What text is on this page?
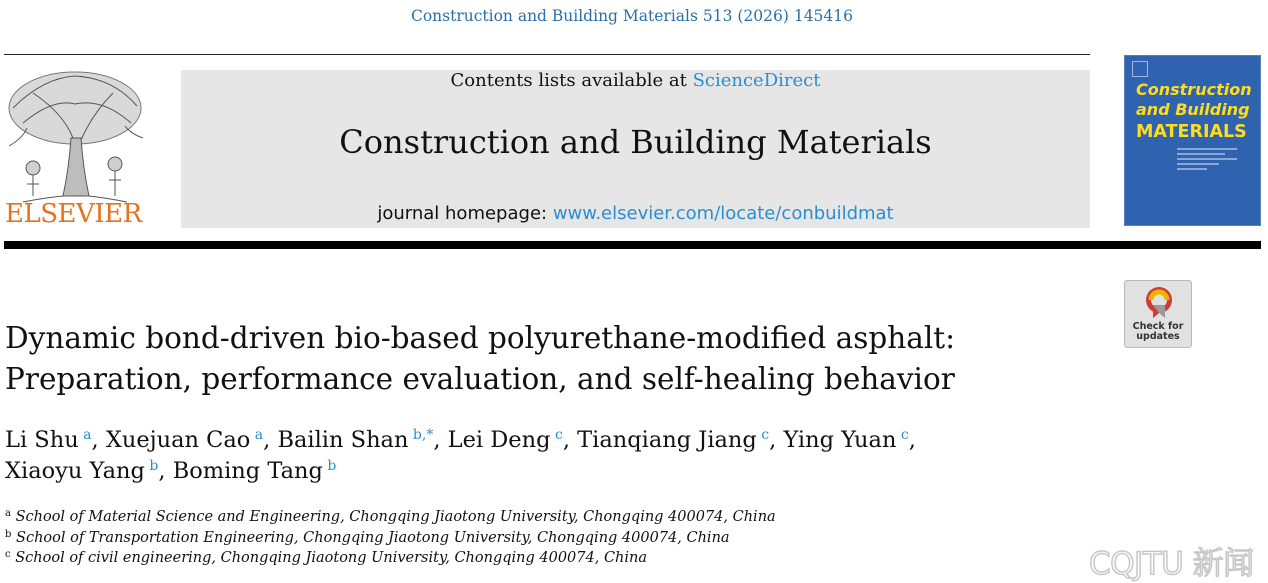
Construction and Building Materials 513 (2026) 145416
ELSEVIER
Contents lists available at ScienceDirect
Construction and Building Materials
journal homepage: www.elsevier.com/locate/conbuildmat
Construction
and Building
MATERIALS
Check for
updates
Dynamic bond-driven bio-based polyurethane-modified asphalt:
Preparation, performance evaluation, and self-healing behavior
Li Shu $^a$, Xuejuan Cao $^a$, Bailin Shan $^{b,*}$, Lei Deng $^c$, Tianqiang Jiang $^c$, Ying Yuan $^c$,
Xiaoyu Yang $^b$, Boming Tang $^b$
$^a$ School of Material Science and Engineering, Chongqing Jiaotong University, Chongqing 400074, China
$^b$ School of Transportation Engineering, Chongqing Jiaotong University, Chongqing 400074, China
$^c$ School of civil engineering, Chongqing Jiaotong University, Chongqing 400074, China	CQJTU 新闻
